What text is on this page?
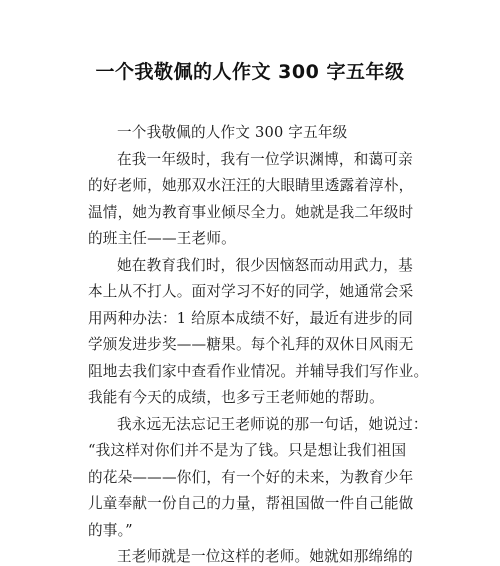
一个我敬佩的人作文 300 字五年级
一个我敬佩的人作文 300 字五年级
在我一年级时，我有一位学识渊博，和蔼可亲
的好老师，她那双水汪汪的大眼睛里透露着淳朴，
温情，她为教育事业倾尽全力。她就是我二年级时
的班主任——王老师。
她在教育我们时，很少因恼怒而动用武力，基
本上从不打人。面对学习不好的同学，她通常会采
用两种办法：1 给原本成绩不好，最近有进步的同
学颁发进步奖——糖果。每个礼拜的双休日风雨无
阻地去我们家中查看作业情况。并辅导我们写作业。
我能有今天的成绩，也多亏王老师她的帮助。
我永远无法忘记王老师说的那一句话，她说过：
“我这样对你们并不是为了钱。只是想让我们祖国
的花朵———你们，有一个好的未来，为教育少年
儿童奉献一份自己的力量，帮祖国做一件自己能做
的事。”
王老师就是一位这样的老师。她就如那绵绵的
